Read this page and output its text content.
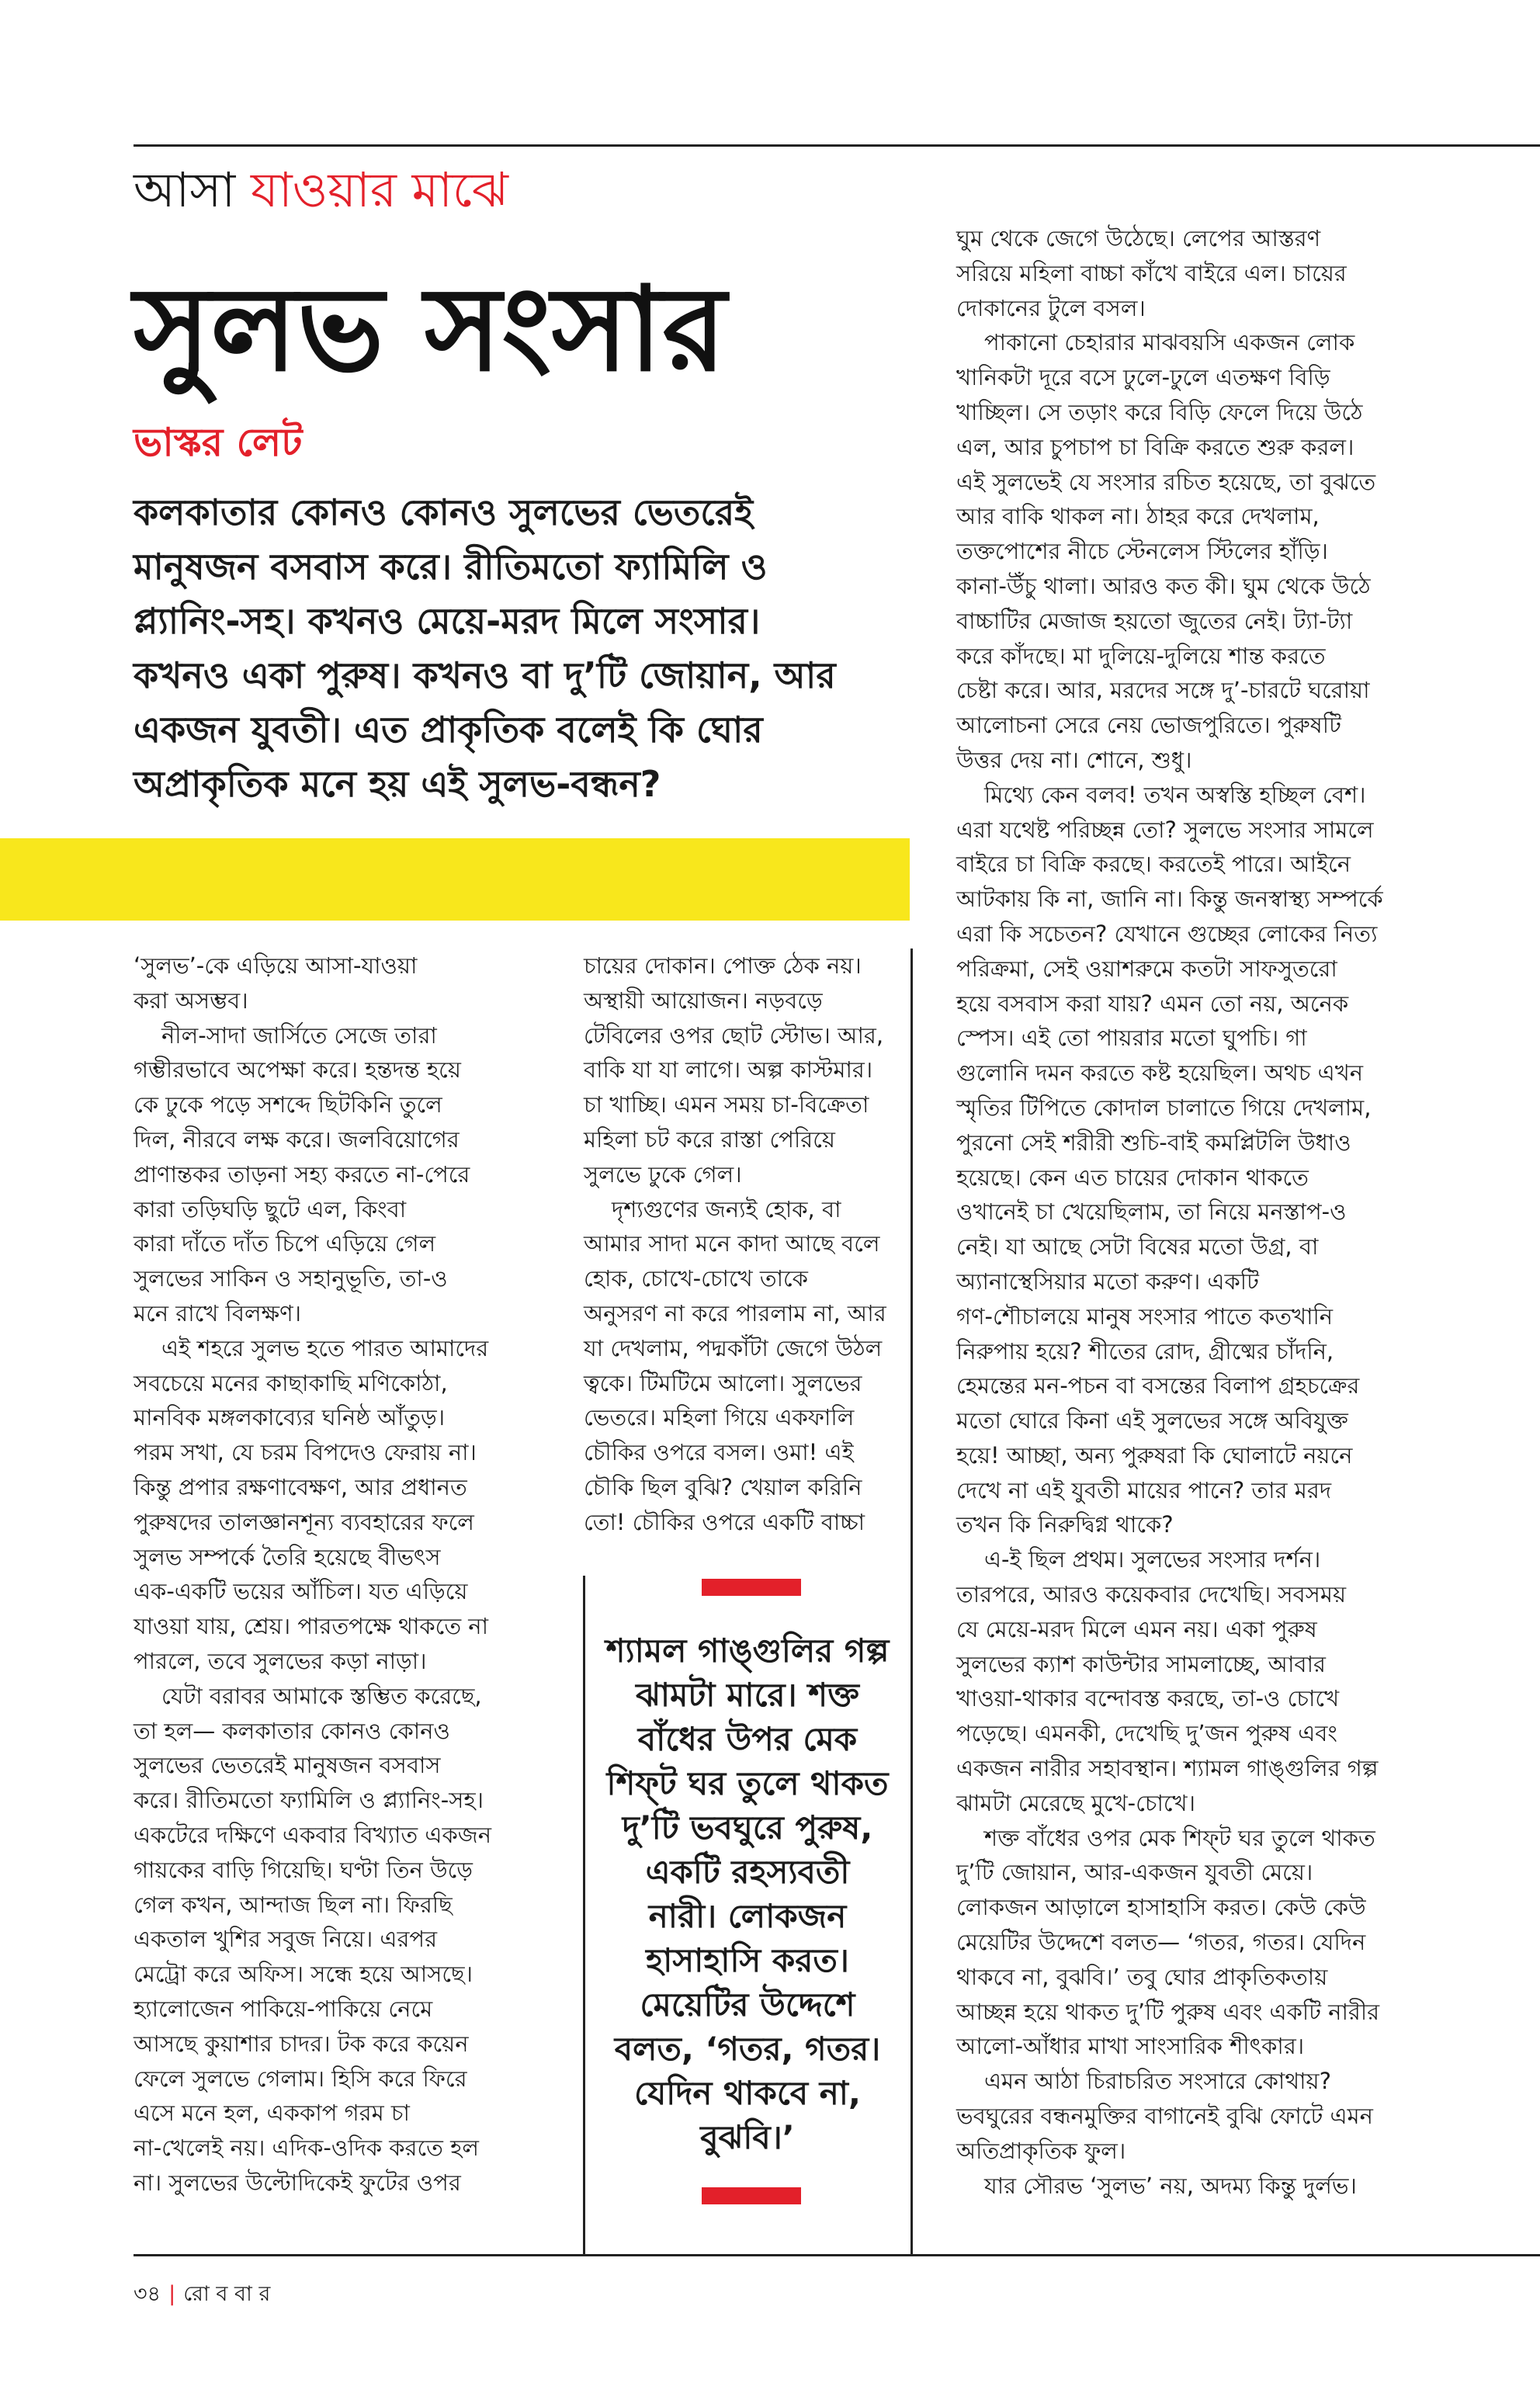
আসা যাওয়ার মাঝে
সুলভ সংসার
ভাস্কর লেট
কলকাতার কোনও কোনও সুলভের ভেতরেই
মানুষজন বসবাস করে। রীতিমতো ফ্যামিলি ও
প্ল্যানিং-সহ। কখনও মেয়ে-মরদ মিলে সংসার।
কখনও একা পুরুষ। কখনও বা দু’টি জোয়ান, আর
একজন যুবতী। এত প্রাকৃতিক বলেই কি ঘোর
অপ্রাকৃতিক মনে হয় এই সুলভ-বন্ধন?
‘সুলভ’-কে এড়িয়ে আসা-যাওয়া
করা অসম্ভব।
নীল-সাদা জার্সিতে সেজে তারা
গম্ভীরভাবে অপেক্ষা করে। হন্তদন্ত হয়ে
কে ঢুকে পড়ে সশব্দে ছিটকিনি তুলে
দিল, নীরবে লক্ষ করে। জলবিয়োগের
প্রাণান্তকর তাড়না সহ্য করতে না-পেরে
কারা তড়িঘড়ি ছুটে এল, কিংবা
কারা দাঁতে দাঁত চিপে এড়িয়ে গেল
সুলভের সাকিন ও সহানুভূতি, তা-ও
মনে রাখে বিলক্ষণ।
এই শহরে সুলভ হতে পারত আমাদের
সবচেয়ে মনের কাছাকাছি মণিকোঠা,
মানবিক মঙ্গলকাব্যের ঘনিষ্ঠ আঁতুড়।
পরম সখা, যে চরম বিপদেও ফেরায় না।
কিন্তু প্রপার রক্ষণাবেক্ষণ, আর প্রধানত
পুরুষদের তালজ্ঞানশূন্য ব্যবহারের ফলে
সুলভ সম্পর্কে তৈরি হয়েছে বীভৎস
এক-একটি ভয়ের আঁচিল। যত এড়িয়ে
যাওয়া যায়, শ্রেয়। পারতপক্ষে থাকতে না
পারলে, তবে সুলভের কড়া নাড়া।
যেটা বরাবর আমাকে স্তম্ভিত করেছে,
তা হল— কলকাতার কোনও কোনও
সুলভের ভেতরেই মানুষজন বসবাস
করে। রীতিমতো ফ্যামিলি ও প্ল্যানিং-সহ।
একটেরে দক্ষিণে একবার বিখ্যাত একজন
গায়কের বাড়ি গিয়েছি। ঘণ্টা তিন উড়ে
গেল কখন, আন্দাজ ছিল না। ফিরছি
একতাল খুশির সবুজ নিয়ে। এরপর
মেট্রো করে অফিস। সন্ধে হয়ে আসছে।
হ্যালোজেন পাকিয়ে-পাকিয়ে নেমে
আসছে কুয়াশার চাদর। টক করে কয়েন
ফেলে সুলভে গেলাম। হিসি করে ফিরে
এসে মনে হল, এককাপ গরম চা
না-খেলেই নয়। এদিক-ওদিক করতে হল
না। সুলভের উল্টোদিকেই ফুটের ওপর
চায়ের দোকান। পোক্ত ঠেক নয়।
অস্থায়ী আয়োজন। নড়বড়ে
টেবিলের ওপর ছোট স্টোভ। আর,
বাকি যা যা লাগে। অল্প কাস্টমার।
চা খাচ্ছি। এমন সময় চা-বিক্রেতা
মহিলা চট করে রাস্তা পেরিয়ে
সুলভে ঢুকে গেল।
দৃশ্যগুণের জন্যই হোক, বা
আমার সাদা মনে কাদা আছে বলে
হোক, চোখে-চোখে তাকে
অনুসরণ না করে পারলাম না, আর
যা দেখলাম, পদ্মকাঁটা জেগে উঠল
ত্বকে। টিমটিমে আলো। সুলভের
ভেতরে। মহিলা গিয়ে একফালি
চৌকির ওপরে বসল। ওমা! এই
চৌকি ছিল বুঝি? খেয়াল করিনি
তো! চৌকির ওপরে একটি বাচ্চা
ঘুম থেকে জেগে উঠেছে। লেপের আস্তরণ
সরিয়ে মহিলা বাচ্চা কাঁখে বাইরে এল। চায়ের
দোকানের টুলে বসল।
পাকানো চেহারার মাঝবয়সি একজন লোক
খানিকটা দূরে বসে ঢুলে-ঢুলে এতক্ষণ বিড়ি
খাচ্ছিল। সে তড়াং করে বিড়ি ফেলে দিয়ে উঠে
এল, আর চুপচাপ চা বিক্রি করতে শুরু করল।
এই সুলভেই যে সংসার রচিত হয়েছে, তা বুঝতে
আর বাকি থাকল না। ঠাহর করে দেখলাম,
তক্তপোশের নীচে স্টেনলেস স্টিলের হাঁড়ি।
কানা-উঁচু থালা। আরও কত কী। ঘুম থেকে উঠে
বাচ্চাটির মেজাজ হয়তো জুতের নেই। ট্যা-ট্যা
করে কাঁদছে। মা দুলিয়ে-দুলিয়ে শান্ত করতে
চেষ্টা করে। আর, মরদের সঙ্গে দু’-চারটে ঘরোয়া
আলোচনা সেরে নেয় ভোজপুরিতে। পুরুষটি
উত্তর দেয় না। শোনে, শুধু।
মিথ্যে কেন বলব! তখন অস্বস্তি হচ্ছিল বেশ।
এরা যথেষ্ট পরিচ্ছন্ন তো? সুলভে সংসার সামলে
বাইরে চা বিক্রি করছে। করতেই পারে। আইনে
আটকায় কি না, জানি না। কিন্তু জনস্বাস্থ্য সম্পর্কে
এরা কি সচেতন? যেখানে গুচ্ছের লোকের নিত্য
পরিক্রমা, সেই ওয়াশরুমে কতটা সাফসুতরো
হয়ে বসবাস করা যায়? এমন তো নয়, অনেক
স্পেস। এই তো পায়রার মতো ঘুপচি। গা
গুলোনি দমন করতে কষ্ট হয়েছিল। অথচ এখন
স্মৃতির টিপিতে কোদাল চালাতে গিয়ে দেখলাম,
পুরনো সেই শরীরী শুচি-বাই কমপ্লিটলি উধাও
হয়েছে। কেন এত চায়ের দোকান থাকতে
ওখানেই চা খেয়েছিলাম, তা নিয়ে মনস্তাপ-ও
নেই। যা আছে সেটা বিষের মতো উগ্র, বা
অ্যানাস্থেসিয়ার মতো করুণ। একটি
গণ-শৌচালয়ে মানুষ সংসার পাতে কতখানি
নিরুপায় হয়ে? শীতের রোদ, গ্রীষ্মের চাঁদনি,
হেমন্তের মন-পচন বা বসন্তের বিলাপ গ্রহচক্রের
মতো ঘোরে কিনা এই সুলভের সঙ্গে অবিযুক্ত
হয়ে! আচ্ছা, অন্য পুরুষরা কি ঘোলাটে নয়নে
দেখে না এই যুবতী মায়ের পানে? তার মরদ
তখন কি নিরুদ্বিগ্ন থাকে?
এ-ই ছিল প্রথম। সুলভের সংসার দর্শন।
তারপরে, আরও কয়েকবার দেখেছি। সবসময়
যে মেয়ে-মরদ মিলে এমন নয়। একা পুরুষ
সুলভের ক্যাশ কাউন্টার সামলাচ্ছে, আবার
খাওয়া-থাকার বন্দোবস্ত করছে, তা-ও চোখে
পড়েছে। এমনকী, দেখেছি দু’জন পুরুষ এবং
একজন নারীর সহাবস্থান। শ্যামল গাঙ্গুলির গল্প
ঝামটা মেরেছে মুখে-চোখে।
শক্ত বাঁধের ওপর মেক শিফ্‌ট ঘর তুলে থাকত
দু’টি জোয়ান, আর-একজন যুবতী মেয়ে।
লোকজন আড়ালে হাসাহাসি করত। কেউ কেউ
মেয়েটির উদ্দেশে বলত— ‘গতর, গতর। যেদিন
থাকবে না, বুঝবি।’ তবু ঘোর প্রাকৃতিকতায়
আচ্ছন্ন হয়ে থাকত দু’টি পুরুষ এবং একটি নারীর
আলো-আঁধার মাখা সাংসারিক শীৎকার।
এমন আঠা চিরাচরিত সংসারে কোথায়?
ভবঘুরের বন্ধনমুক্তির বাগানেই বুঝি ফোটে এমন
অতিপ্রাকৃতিক ফুল।
যার সৌরভ ‘সুলভ’ নয়, অদম্য কিন্তু দুর্লভ।
শ্যামল গাঙ্গুলির গল্প
ঝামটা মারে। শক্ত
বাঁধের উপর মেক
শিফ্‌ট ঘর তুলে থাকত
দু’টি ভবঘুরে পুরুষ,
একটি রহস্যবতী
নারী। লোকজন
হাসাহাসি করত।
মেয়েটির উদ্দেশে
বলত, ‘গতর, গতর।
যেদিন থাকবে না,
বুঝবি।’
৩৪ | রো ব বা র
